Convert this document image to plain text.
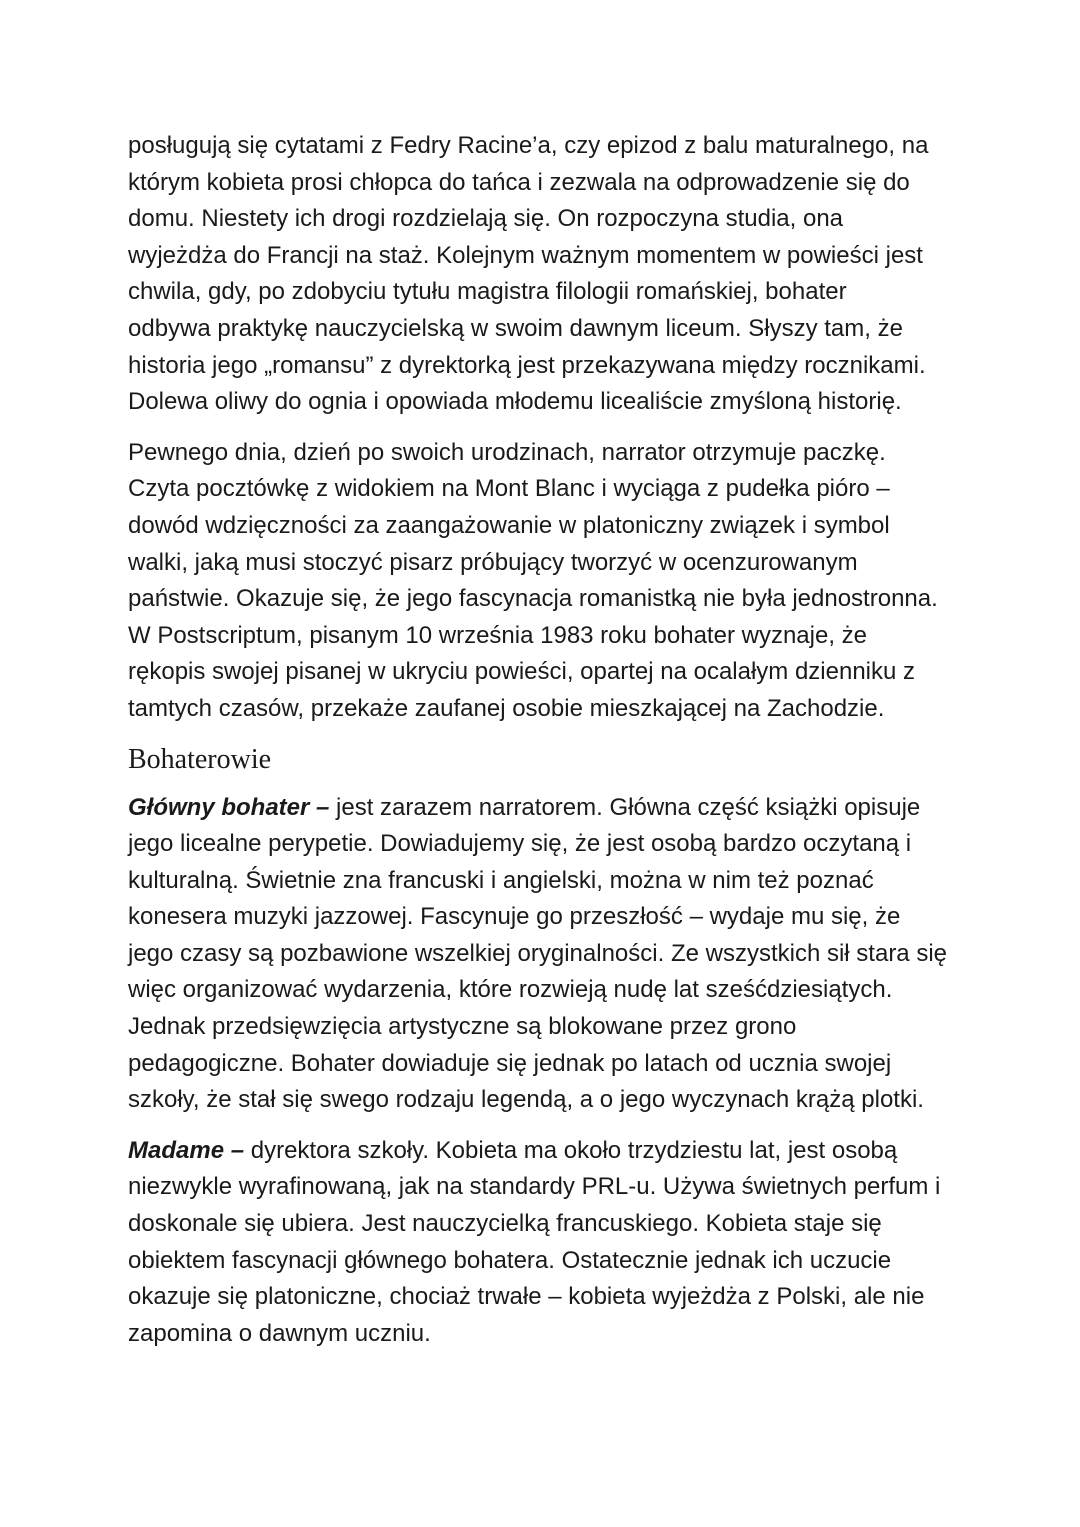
posługują się cytatami z Fedry Racine’a, czy epizod z balu maturalnego, na
którym kobieta prosi chłopca do tańca i zezwala na odprowadzenie się do
domu. Niestety ich drogi rozdzielają się. On rozpoczyna studia, ona
wyjeżdża do Francji na staż. Kolejnym ważnym momentem w powieści jest
chwila, gdy, po zdobyciu tytułu magistra filologii romańskiej, bohater
odbywa praktykę nauczycielską w swoim dawnym liceum. Słyszy tam, że
historia jego „romansu” z dyrektorką jest przekazywana między rocznikami.
Dolewa oliwy do ognia i opowiada młodemu licealiście zmyśloną historię.
Pewnego dnia, dzień po swoich urodzinach, narrator otrzymuje paczkę.
Czyta pocztówkę z widokiem na Mont Blanc i wyciąga z pudełka pióro –
dowód wdzięczności za zaangażowanie w platoniczny związek i symbol
walki, jaką musi stoczyć pisarz próbujący tworzyć w ocenzurowanym
państwie. Okazuje się, że jego fascynacja romanistką nie była jednostronna.
W Postscriptum, pisanym 10 września 1983 roku bohater wyznaje, że
rękopis swojej pisanej w ukryciu powieści, opartej na ocalałym dzienniku z
tamtych czasów, przekaże zaufanej osobie mieszkającej na Zachodzie.
Bohaterowie
Główny bohater – jest zarazem narratorem. Główna część książki opisuje
jego licealne perypetie. Dowiadujemy się, że jest osobą bardzo oczytaną i
kulturalną. Świetnie zna francuski i angielski, można w nim też poznać
konesera muzyki jazzowej. Fascynuje go przeszłość – wydaje mu się, że
jego czasy są pozbawione wszelkiej oryginalności. Ze wszystkich sił stara się
więc organizować wydarzenia, które rozwieją nudę lat sześćdziesiątych.
Jednak przedsięwzięcia artystyczne są blokowane przez grono
pedagogiczne. Bohater dowiaduje się jednak po latach od ucznia swojej
szkoły, że stał się swego rodzaju legendą, a o jego wyczynach krążą plotki.
Madame – dyrektora szkoły. Kobieta ma około trzydziestu lat, jest osobą
niezwykle wyrafinowaną, jak na standardy PRL-u. Używa świetnych perfum i
doskonale się ubiera. Jest nauczycielką francuskiego. Kobieta staje się
obiektem fascynacji głównego bohatera. Ostatecznie jednak ich uczucie
okazuje się platoniczne, chociaż trwałe – kobieta wyjeżdża z Polski, ale nie
zapomina o dawnym uczniu.
